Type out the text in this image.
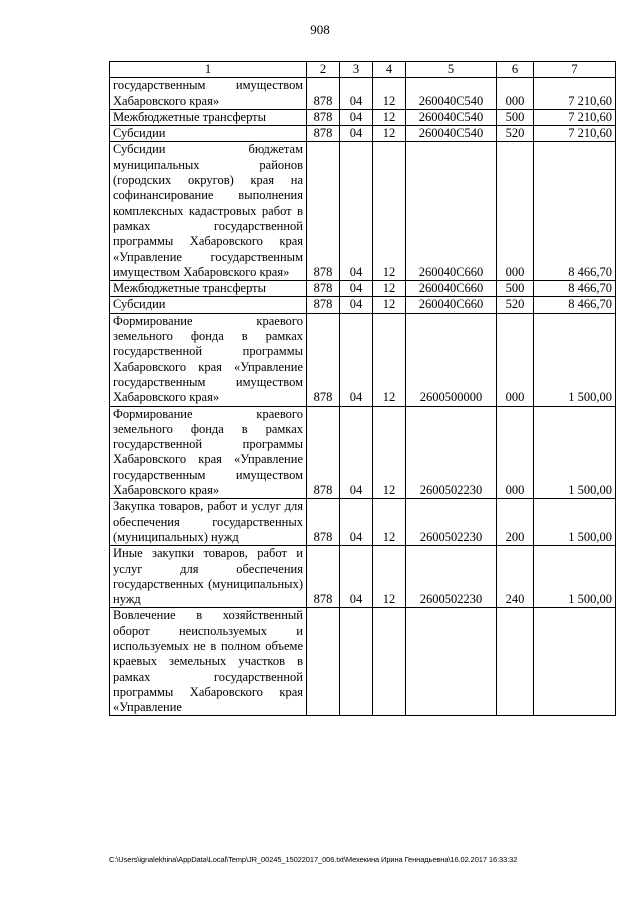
908
1	2	3	4	5	6	7
государственным имуществом Хабаровского края»	878	04	12	260040С540	000	7 210,60
Межбюджетные трансферты	878	04	12	260040С540	500	7 210,60
Субсидии	878	04	12	260040С540	520	7 210,60
Субсидии бюджетам муниципальных районов (городских округов) края на софинансирование выполнения комплексных кадастровых работ в рамках государственной программы Хабаровского края «Управление государственным имуществом Хабаровского края»	878	04	12	260040С660	000	8 466,70
Межбюджетные трансферты	878	04	12	260040С660	500	8 466,70
Субсидии	878	04	12	260040С660	520	8 466,70
Формирование краевого земельного фонда в рамках государственной программы Хабаровского края «Управление государственным имуществом Хабаровского края»	878	04	12	2600500000	000	1 500,00
Формирование краевого земельного фонда в рамках государственной программы Хабаровского края «Управление государственным имуществом Хабаровского края»	878	04	12	2600502230	000	1 500,00
Закупка товаров, работ и услуг для обеспечения государственных (муниципальных) нужд	878	04	12	2600502230	200	1 500,00
Иные закупки товаров, работ и услуг для обеспечения государственных (муниципальных) нужд	878	04	12	2600502230	240	1 500,00
Вовлечение в хозяйственный оборот неиспользуемых и используемых не в полном объеме краевых земельных участков в рамках государственной программы Хабаровского края «Управление						
C:\Users\ignalekhina\AppData\Local\Temp\JR_00245_15022017_006.txt\Мехекина Ирина Геннадьевна\16.02.2017 16:33:32
